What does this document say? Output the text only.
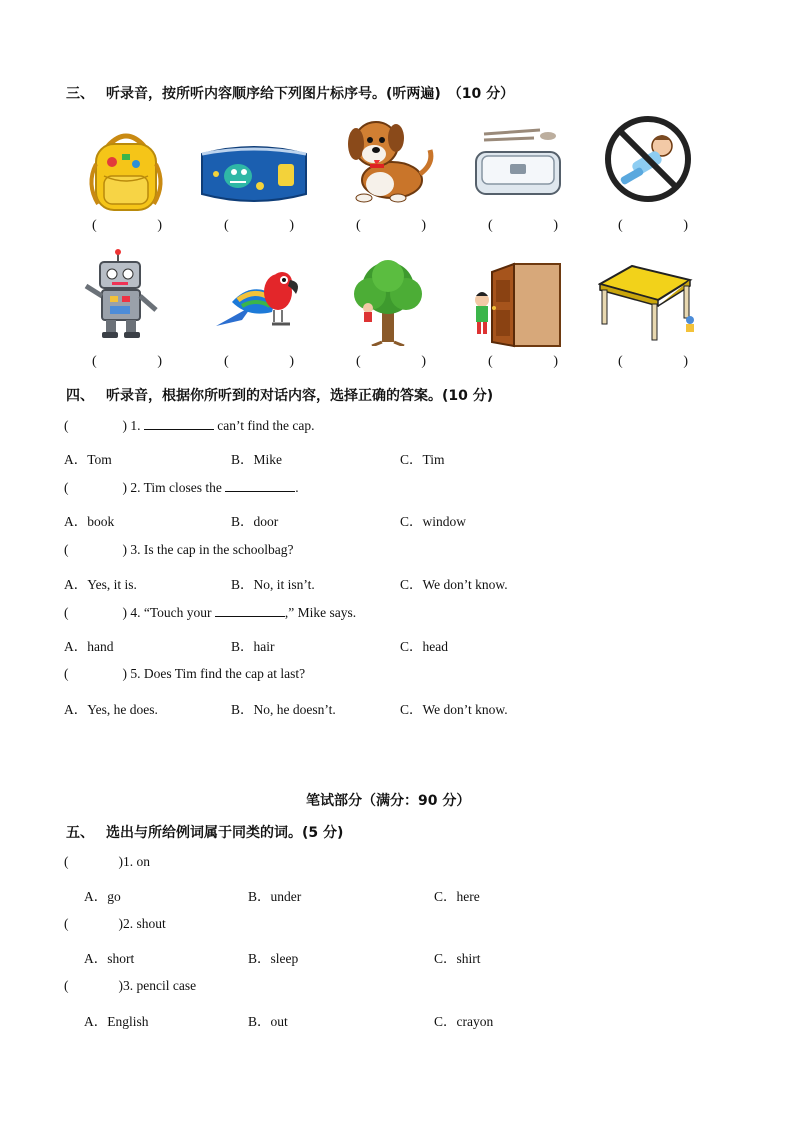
三、 听录音，按所听内容顺序给下列图片标序号。(听两遍)　（10 分）
(	)	(	)	(	)	(	)	(	)
(	)	(	)	(	)	(	)	(	)
四、 听录音，根据你所听到的对话内容，选择正确的答案。(10 分)
(	) 1.	can’t find the cap.
A．Tom	B．Mike	C．Tim
(	) 2. Tim closes the	.
A．book	B．door	C．window
(	) 3. Is the cap in the schoolbag?
A．Yes, it is.	B．No, it isn’t.	C．We don’t know.
(	) 4. “Touch your	,” Mike says.
A．hand	B．hair	C．head
(	) 5. Does Tim find the cap at last?
A．Yes, he does.	B．No, he doesn’t.	C．We don’t know.
笔试部分（满分：90 分）
五、 选出与所给例词属于同类的词。(5 分)
(	)1. on
A．go	B．under	C．here
(	)2. shout
A．short	B．sleep	C．shirt
(	)3. pencil case
A．English	B．out	C．crayon
